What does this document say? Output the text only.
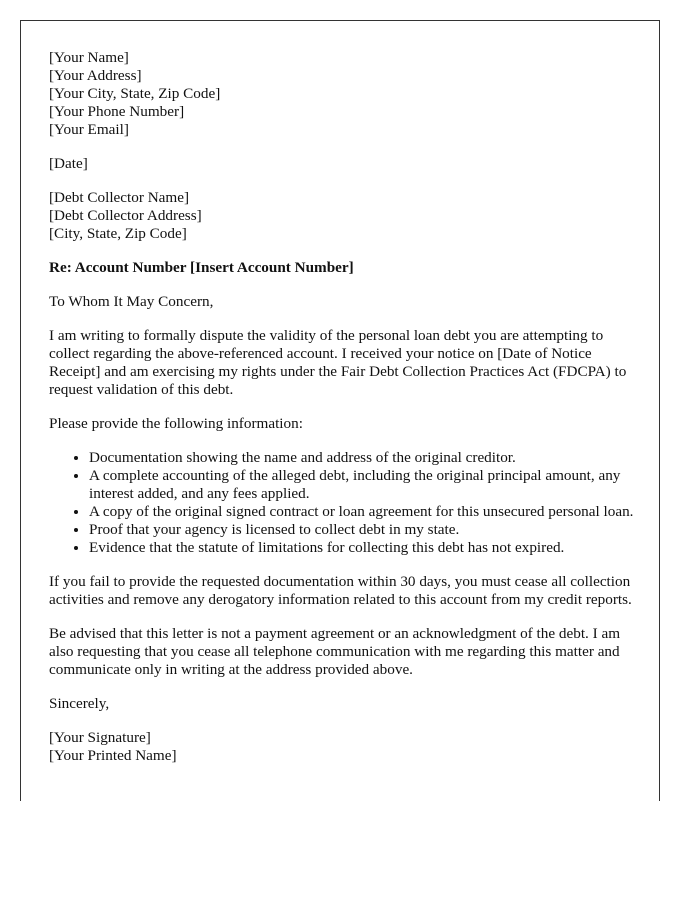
[Your Name]
[Your Address]
[Your City, State, Zip Code]
[Your Phone Number]
[Your Email]

[Date]

[Debt Collector Name]
[Debt Collector Address]
[City, State, Zip Code]

Re: Account Number [Insert Account Number]

To Whom It May Concern,

I am writing to formally dispute the validity of the personal loan debt you are attempting to collect regarding the above-referenced account. I received your notice on [Date of Notice Receipt] and am exercising my rights under the Fair Debt Collection Practices Act (FDCPA) to request validation of this debt.

Please provide the following information:

• Documentation showing the name and address of the original creditor.
• A complete accounting of the alleged debt, including the original principal amount, any interest added, and any fees applied.
• A copy of the original signed contract or loan agreement for this unsecured personal loan.
• Proof that your agency is licensed to collect debt in my state.
• Evidence that the statute of limitations for collecting this debt has not expired.

If you fail to provide the requested documentation within 30 days, you must cease all collection activities and remove any derogatory information related to this account from my credit reports.

Be advised that this letter is not a payment agreement or an acknowledgment of the debt. I am also requesting that you cease all telephone communication with me regarding this matter and communicate only in writing at the address provided above.

Sincerely,

[Your Signature]
[Your Printed Name]
